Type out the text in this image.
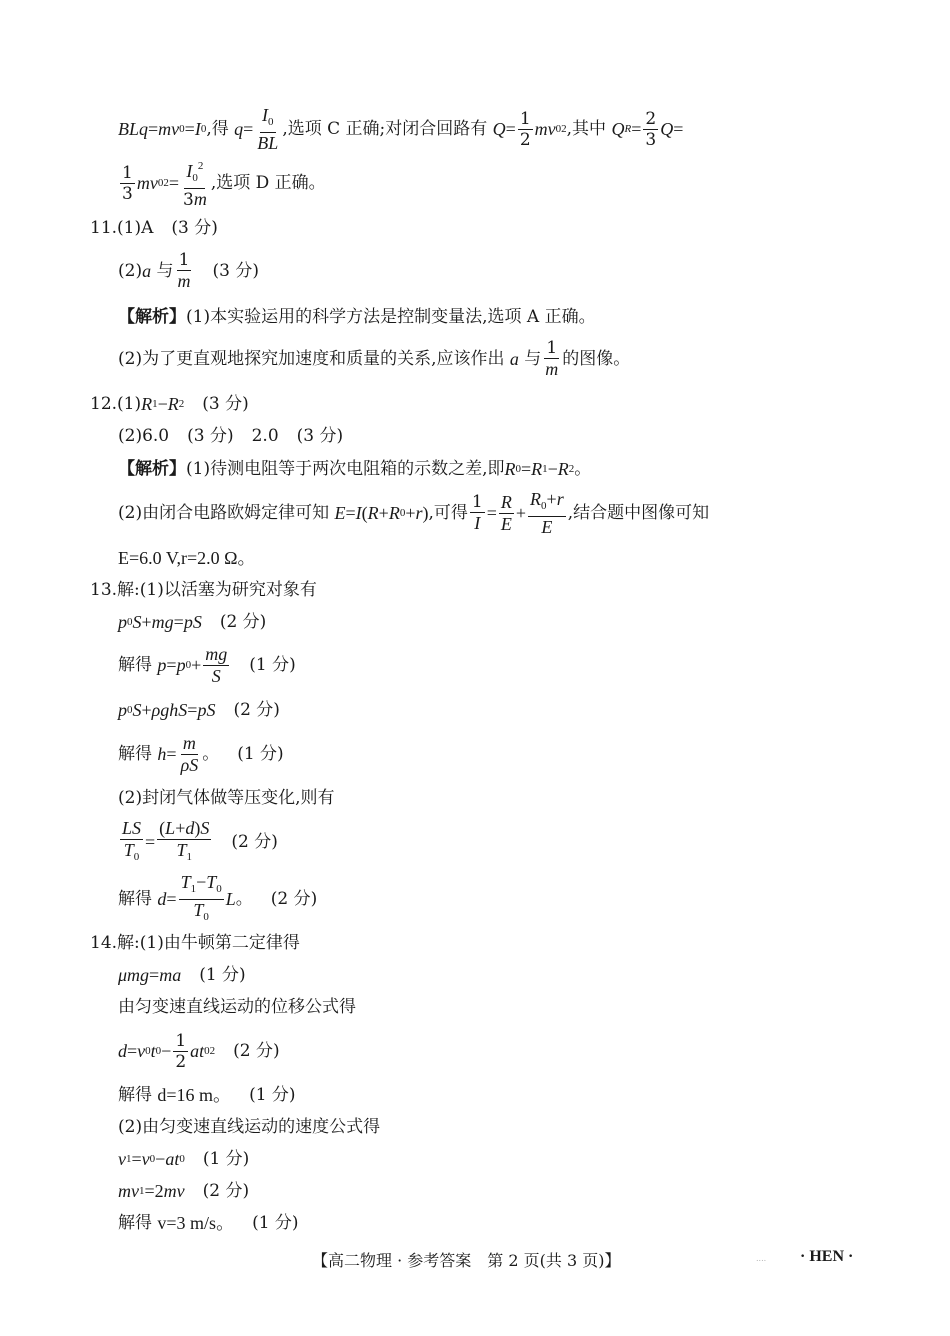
BLq = mv 0 = I 0 ,得
$q = \frac{I_0}{BL}$ ,选项 C 正确;对闭合回路有
$Q = \frac{1}{2}$ mv 0 2 ,其中
Q $R = \frac{2}{3}$ Q =
$\frac{1}{3}$ mv 0 $2 = \frac{I_0^2}{3m}$ ,选项 D 正确。
11. (1)A (3 分)
(2) a
与 $\frac{1}{m} (3$ 分)
【解析】 (1)本实验运用的科学方法是控制变量法,选项 A 正确。
(2)为了更直观地探究加速度和质量的关系,应该作出
a
与 $\frac{1}{m}$ 的图像。
12. (1) R 1 − R 2 (3 分)
(2)6.0 (3 分) 2.0 (3 分)
【解析】 (1)待测电阻等于两次电阻箱的示数之差,即 R 0 = R 1 − R 2 。
(2)由闭合电路欧姆定律可知
E = I ( R + R 0 + r ) ,可得 $\frac{1}{I} = \frac{R}{E} + \frac{R_0+r}{E}$ ,结合题中图像可知
E=6.0 V,r=2.0 Ω。
13. 解:(1)以活塞为研究对象有
p 0 S + mg = pS (2 分)
解得
p = p $0 + \frac{mg}{S} (1$ 分)
p 0 S + ρgh S = pS (2 分)
解得
$h = \frac{m}{\rho S}$ 。 (1 分)
(2)封闭气体做等压变化,则有
$\frac{LS}{T_0} = \frac{(L+d)S}{T_1} (2$ 分)
解得
$d = \frac{T_1-T_0}{T_0}$ L 。 (2 分)
14. 解:(1)由牛顿第二定律得
μmg = ma (1 分)
由匀变速直线运动的位移公式得
d = v 0 t $0 - \frac{1}{2}$ at 0 2 (2 分)
解得
d=16 m。 (1 分)
(2)由匀变速直线运动的速度公式得
v 1 = v 0 − at 0 (1 分)
mv 1 =2 mv (2 分)
解得
v=3 m/s。 (1 分)
【高二物理 · 参考答案　第 2 页(共 3 页)】	.... · HEN ·
